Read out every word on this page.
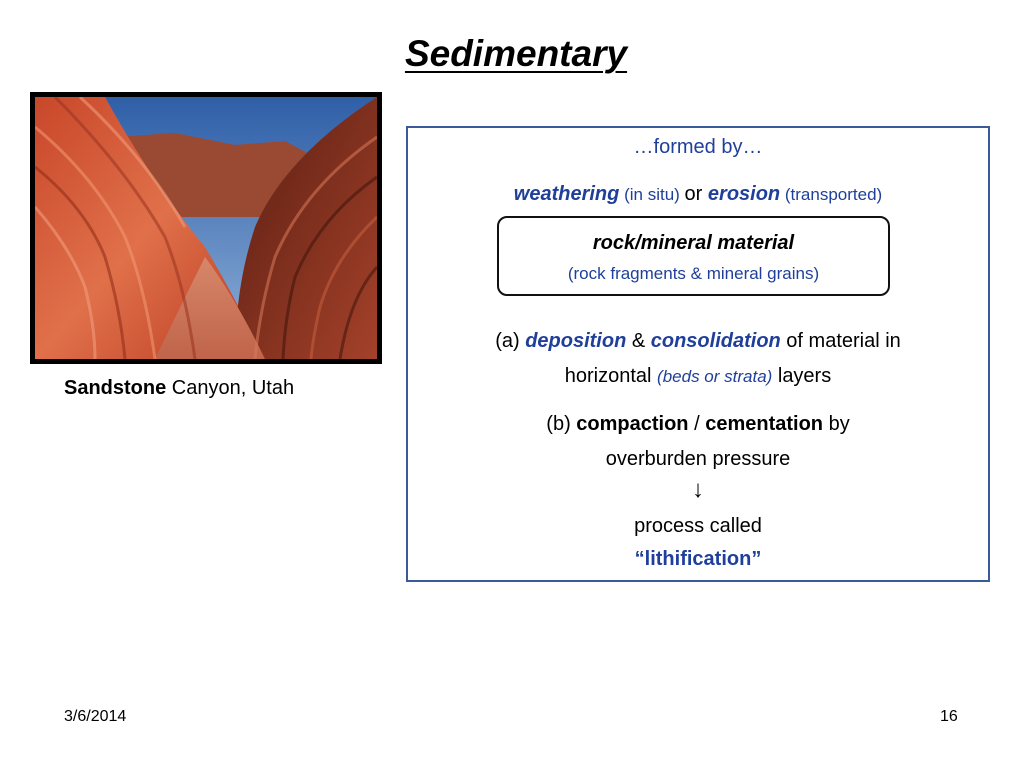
Sedimentary
Sandstone Canyon, Utah
…formed by…
weathering (in situ) or erosion (transported)
rock/mineral material
(rock fragments & mineral grains)
(a) deposition & consolidation of material in
horizontal (beds or strata) layers
(b) compaction / cementation by
overburden pressure
↓
process called
“lithification”
3/6/2014	16
